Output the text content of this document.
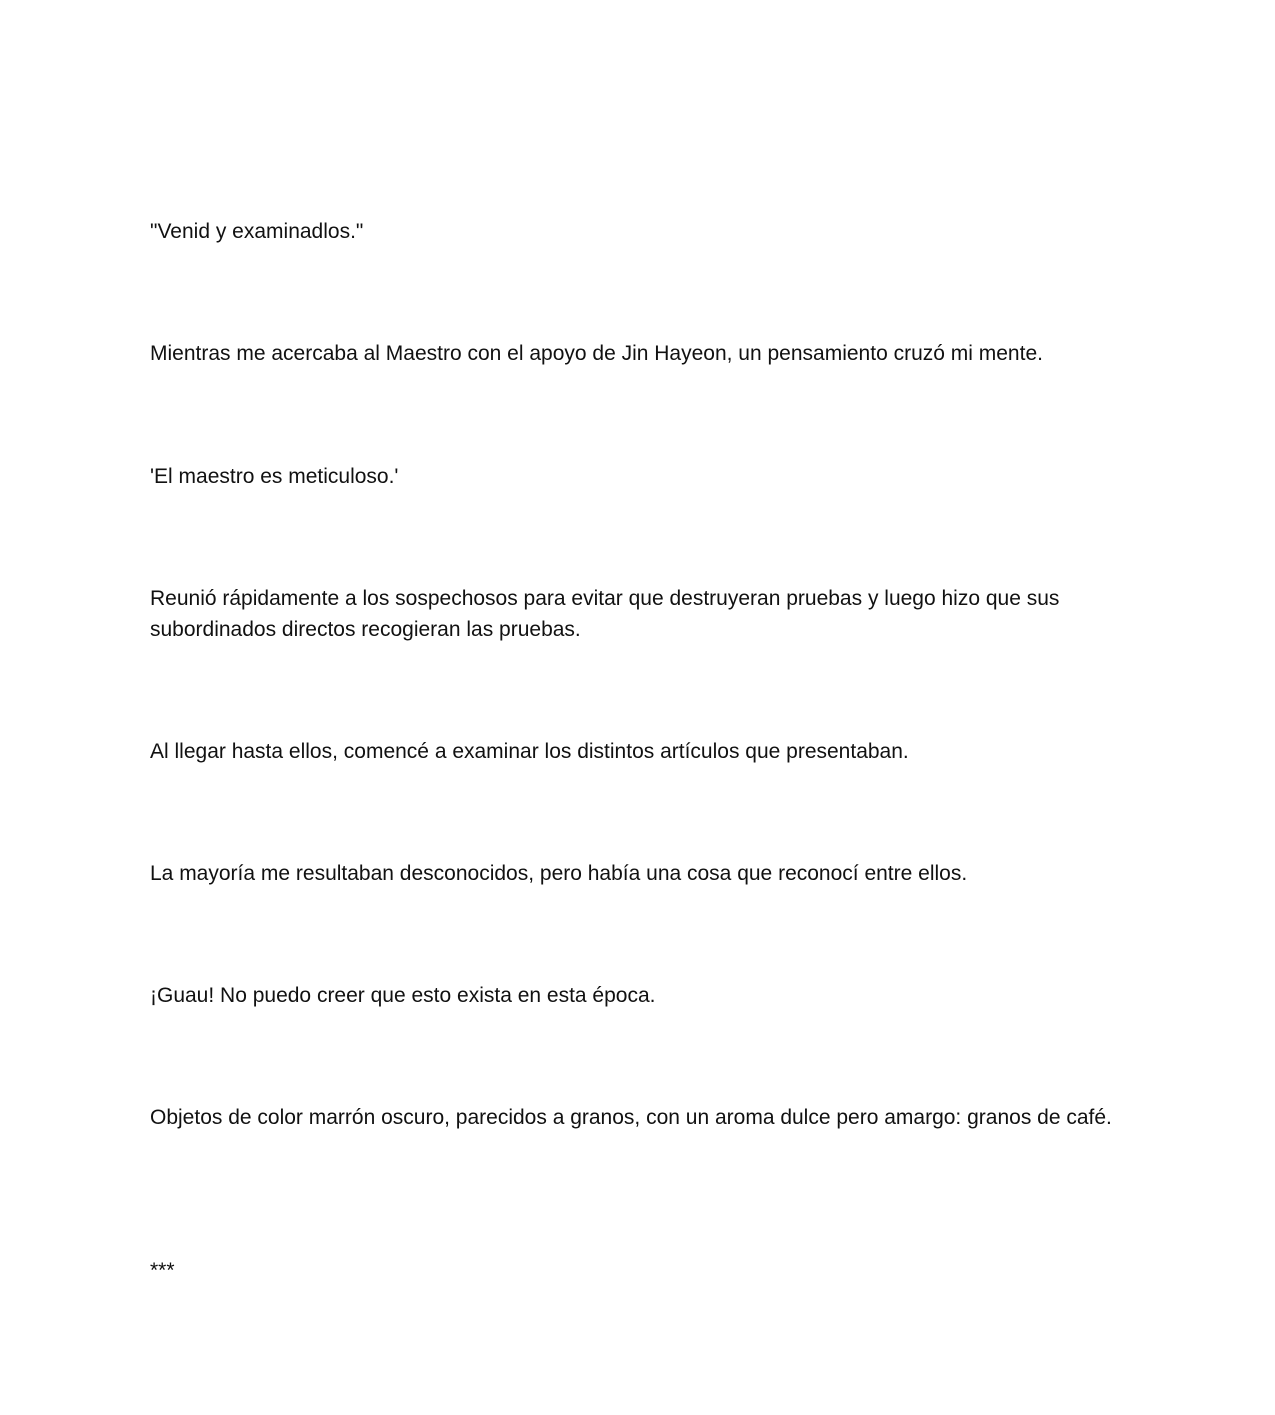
"Venid y examinadlos."

Mientras me acercaba al Maestro con el apoyo de Jin Hayeon, un pensamiento cruzó mi mente.

'El maestro es meticuloso.'

Reunió rápidamente a los sospechosos para evitar que destruyeran pruebas y luego hizo que sus subordinados directos recogieran las pruebas.

Al llegar hasta ellos, comencé a examinar los distintos artículos que presentaban.

La mayoría me resultaban desconocidos, pero había una cosa que reconocí entre ellos.

¡Guau! No puedo creer que esto exista en esta época.

Objetos de color marrón oscuro, parecidos a granos, con un aroma dulce pero amargo: granos de café.

***
